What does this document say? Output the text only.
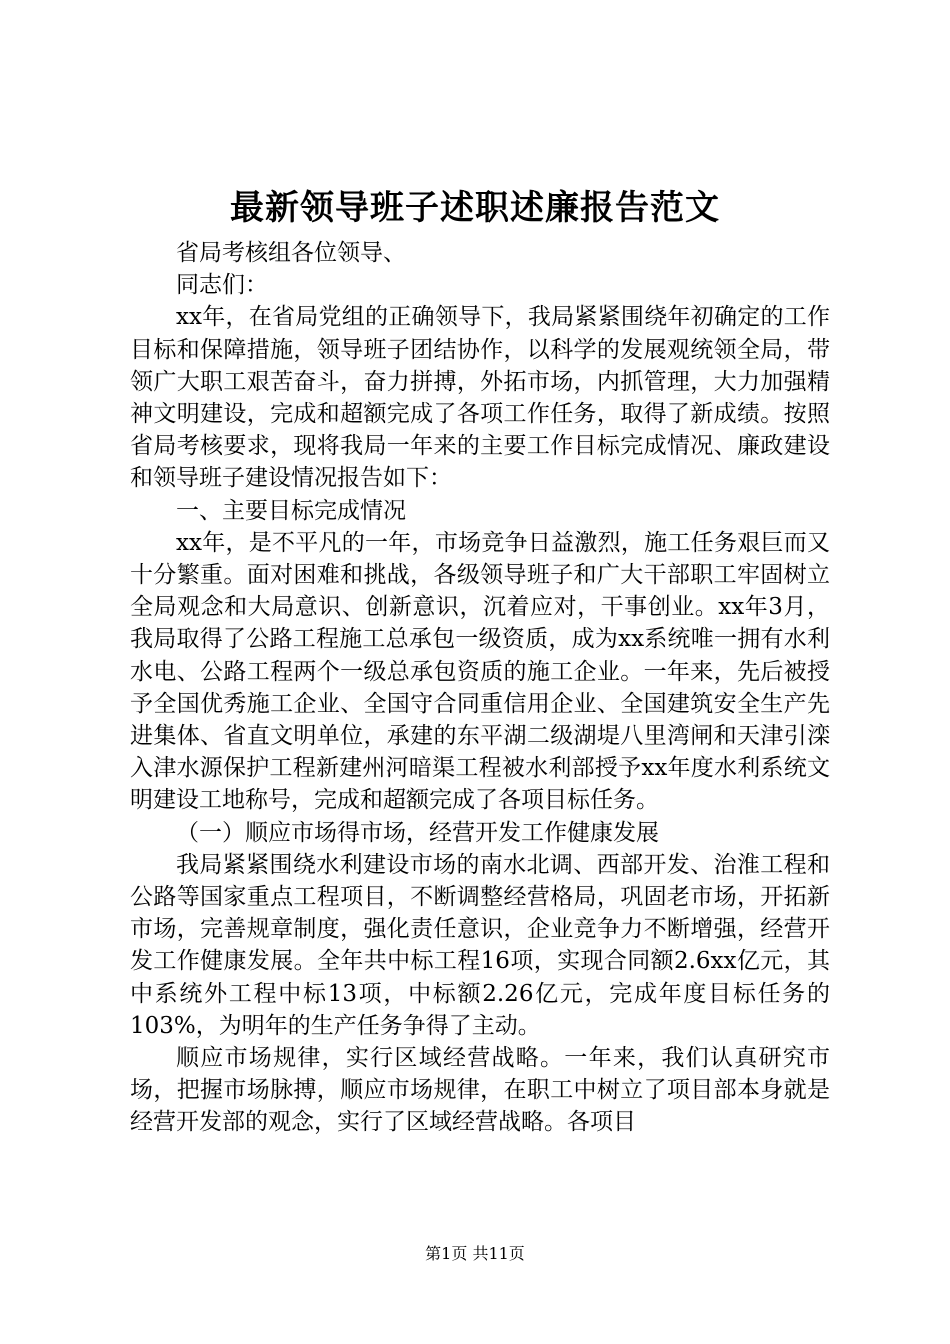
最新领导班子述职述廉报告范文

省局考核组各位领导、

同志们：

xx年，在省局党组的正确领导下，我局紧紧围绕年初确定的工作目标和保障措施，领导班子团结协作，以科学的发展观统领全局，带领广大职工艰苦奋斗，奋力拼搏，外拓市场，内抓管理，大力加强精神文明建设，完成和超额完成了各项工作任务，取得了新成绩。按照省局考核要求，现将我局一年来的主要工作目标完成情况、廉政建设和领导班子建设情况报告如下：

一、主要目标完成情况

xx年，是不平凡的一年，市场竞争日益激烈，施工任务艰巨而又十分繁重。面对困难和挑战，各级领导班子和广大干部职工牢固树立全局观念和大局意识、创新意识，沉着应对，干事创业。xx年3月，我局取得了公路工程施工总承包一级资质，成为xx系统唯一拥有水利水电、公路工程两个一级总承包资质的施工企业。一年来，先后被授予全国优秀施工企业、全国守合同重信用企业、全国建筑安全生产先进集体、省直文明单位，承建的东平湖二级湖堤八里湾闸和天津引滦入津水源保护工程新建州河暗渠工程被水利部授予xx年度水利系统文明建设工地称号，完成和超额完成了各项目标任务。

（一）顺应市场得市场，经营开发工作健康发展

我局紧紧围绕水利建设市场的南水北调、西部开发、治淮工程和公路等国家重点工程项目，不断调整经营格局，巩固老市场，开拓新市场，完善规章制度，强化责任意识，企业竞争力不断增强，经营开发工作健康发展。全年共中标工程16项，实现合同额2.6xx亿元，其中系统外工程中标13项，中标额2.26亿元，完成年度目标任务的103%，为明年的生产任务争得了主动。

顺应市场规律，实行区域经营战略。一年来，我们认真研究市场，把握市场脉搏，顺应市场规律，在职工中树立了项目部本身就是经营开发部的观念，实行了区域经营战略。各项目

第1页 共11页
